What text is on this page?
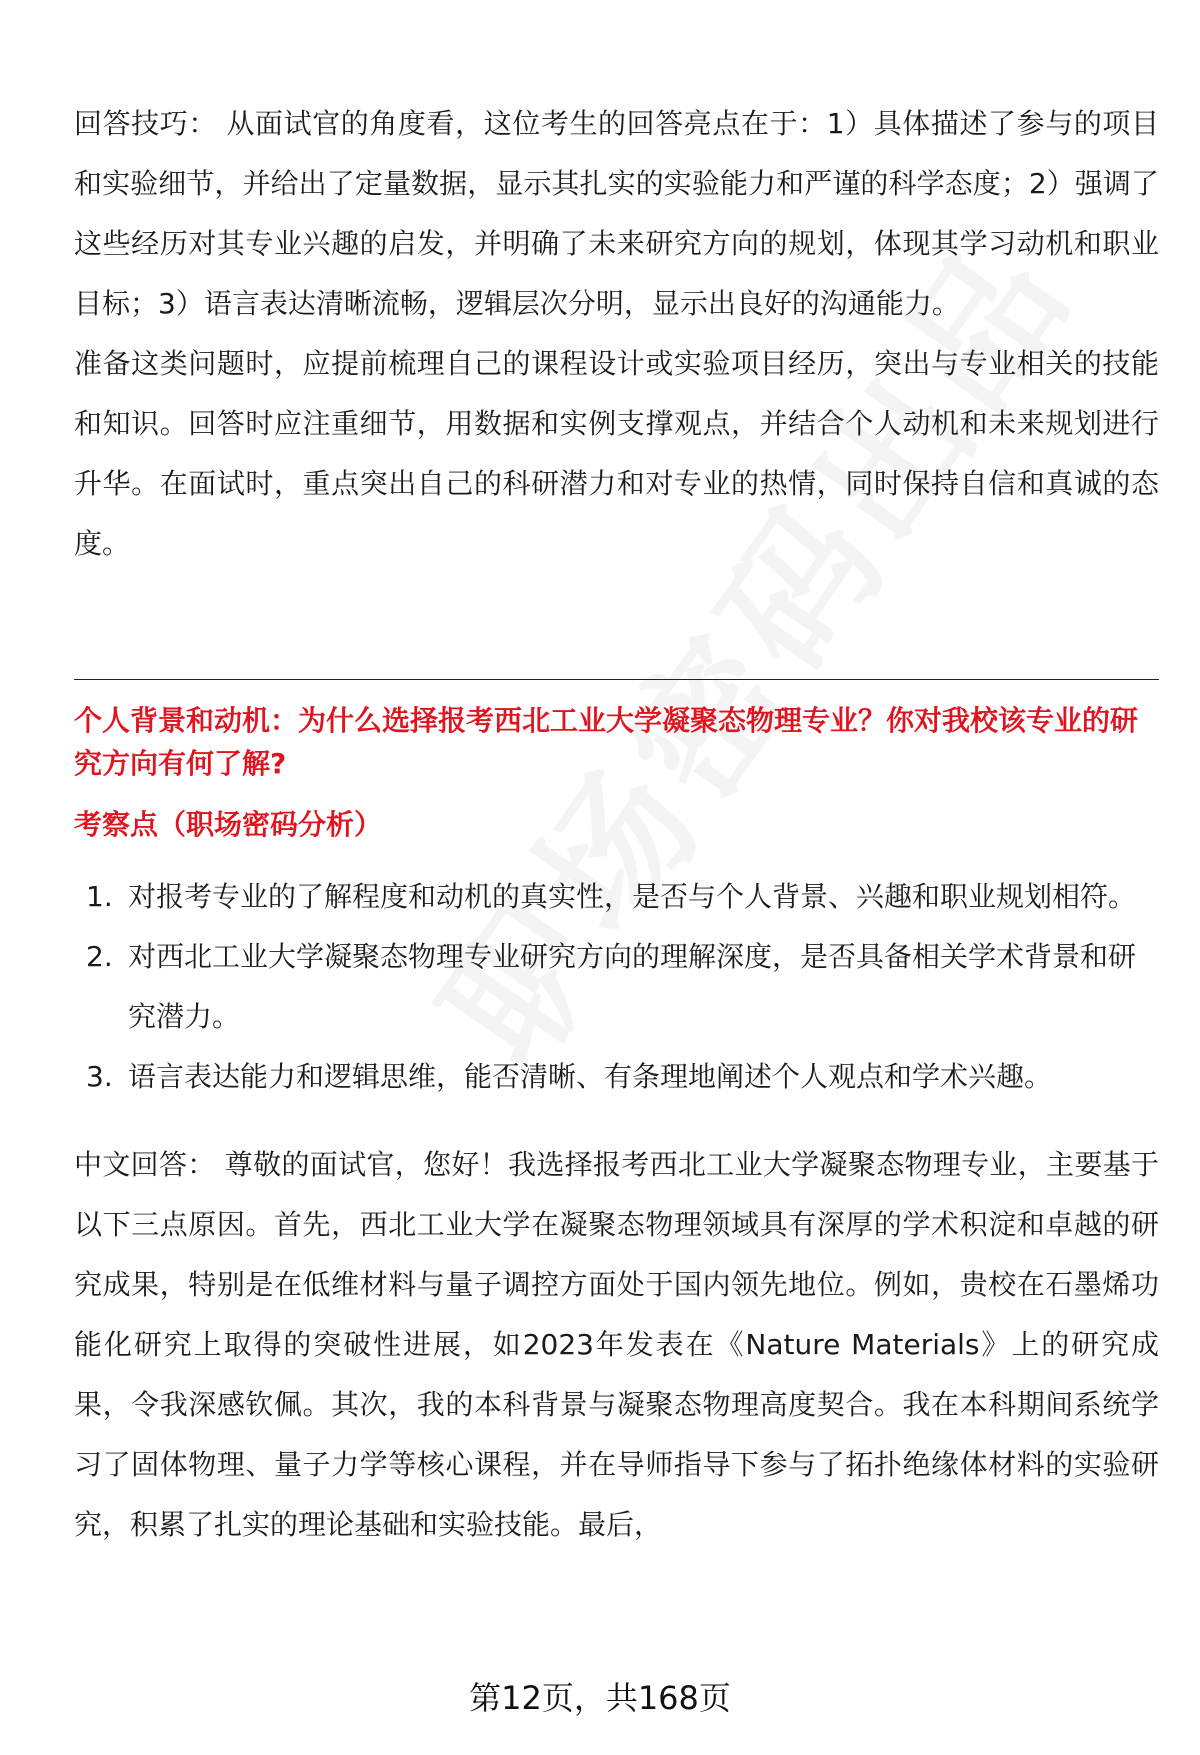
回答技巧： 从面试官的角度看，这位考生的回答亮点在于：1）具体描述了参与的项目和实验细节，并给出了定量数据，显示其扎实的实验能力和严谨的科学态度；2）强调了这些经历对其专业兴趣的启发，并明确了未来研究方向的规划，体现其学习动机和职业目标；3）语言表达清晰流畅，逻辑层次分明，显示出良好的沟通能力。

准备这类问题时，应提前梳理自己的课程设计或实验项目经历，突出与专业相关的技能和知识。回答时应注重细节，用数据和实例支撑观点，并结合个人动机和未来规划进行升华。在面试时，重点突出自己的科研潜力和对专业的热情，同时保持自信和真诚的态度。

个人背景和动机：为什么选择报考西北工业大学凝聚态物理专业？你对我校该专业的研究方向有何了解?

考察点（职场密码分析）

1. 对报考专业的了解程度和动机的真实性，是否与个人背景、兴趣和职业规划相符。
2. 对西北工业大学凝聚态物理专业研究方向的理解深度，是否具备相关学术背景和研究潜力。
3. 语言表达能力和逻辑思维，能否清晰、有条理地阐述个人观点和学术兴趣。

中文回答： 尊敬的面试官，您好！我选择报考西北工业大学凝聚态物理专业，主要基于以下三点原因。首先，西北工业大学在凝聚态物理领域具有深厚的学术积淀和卓越的研究成果，特别是在低维材料与量子调控方面处于国内领先地位。例如，贵校在石墨烯功能化研究上取得的突破性进展，如2023年发表在《Nature Materials》上的研究成果，令我深感钦佩。其次，我的本科背景与凝聚态物理高度契合。我在本科期间系统学习了固体物理、量子力学等核心课程，并在导师指导下参与了拓扑绝缘体材料的实验研究，积累了扎实的理论基础和实验技能。最后，

第12页，共168页
